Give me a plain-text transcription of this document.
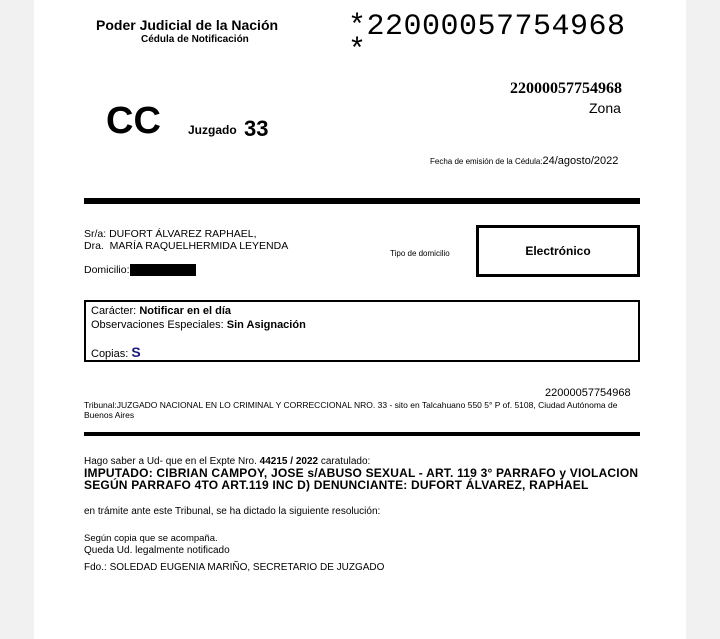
Poder Judicial de la Nación
Cédula de Notificación	*22000057754968*
22000057754968
Zona
CC Juzgado 33
Fecha de emisión de la Cédula:24/agosto/2022
Sr/a: DUFORT ÁLVAREZ RAPHAEL,
Dra.  MARÍA RAQUELHERMIDA LEYENDA
Domicilio:
Tipo de domicilio	Electrónico
Carácter: Notificar en el día
Observaciones Especiales: Sin Asignación
Copias: S
22000057754968
Tribunal:JUZGADO NACIONAL EN LO CRIMINAL Y CORRECCIONAL NRO. 33 - sito en Talcahuano 550 5° P of. 5108, Ciudad Autónoma de Buenos Aires
Hago saber a Ud- que en el Expte Nro. 44215 / 2022 caratulado:
IMPUTADO: CIBRIAN CAMPOY, JOSE s/ABUSO SEXUAL - ART. 119 3° PARRAFO y VIOLACION SEGÚN PARRAFO 4TO ART.119 INC D) DENUNCIANTE: DUFORT ÁLVAREZ, RAPHAEL
en trámite ante este Tribunal, se ha dictado la siguiente resolución:
Según copia que se acompaña.
Queda Ud. legalmente notificado
Fdo.: SOLEDAD EUGENIA MARIÑO, SECRETARIO DE JUZGADO
